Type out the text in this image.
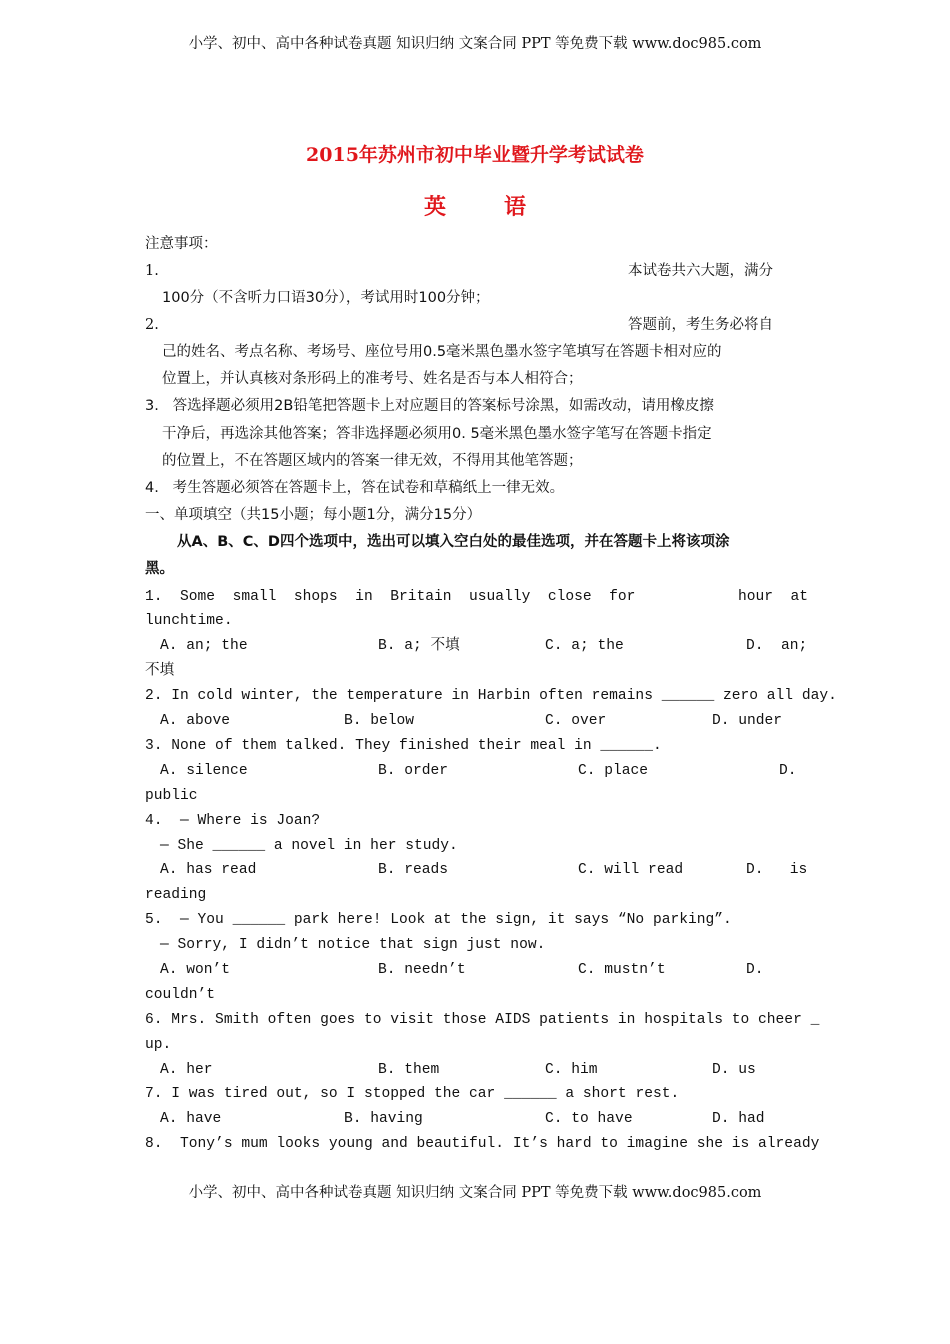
小学、初中、高中各种试卷真题 知识归纳 文案合同 PPT 等免费下载 www.doc985.com
2015年苏州市初中毕业暨升学考试试卷
英	语
注意事项：
1.	本试卷共六大题，满分
100分（不含听力口语30分），考试用时100分钟；
2.	答题前，考生务必将自
己的姓名、考点名称、考场号、座位号用0.5毫米黑色墨水签字笔填写在答题卡相对应的
位置上，并认真核对条形码上的准考号、姓名是否与本人相符合；
3.   答选择题必须用2B铅笔把答题卡上对应题目的答案标号涂黑，如需改动，请用橡皮擦
干净后，再选涂其他答案；答非选择题必须用0. 5毫米黑色墨水签字笔写在答题卡指定
的位置上，不在答题区域内的答案一律无效，不得用其他笔答题；
4.   考生答题必须答在答题卡上，答在试卷和草稿纸上一律无效。
一、单项填空（共15小题；每小题1分，满分15分）
从A、B、C、D四个选项中，选出可以填入空白处的最佳选项，并在答题卡上将该项涂
黑。
1.  Some  small  shops  in  Britain  usually  close  for	hour  at
lunchtime.
A. an; the	B. a; 不填	C. a; the	D.  an;
不填
2. In cold winter, the temperature in Harbin often remains ______ zero all day.
A. above	B. below	C. over	D. under
3. None of them talked. They finished their meal in ______.
A. silence	B. order	C. place	D.
public
4.  — Where is Joan?
— She ______ a novel in her study.
A. has read	B. reads	C. will read	D.   is
reading
5.  — You ______ park here! Look at the sign, it says “No parking”.
— Sorry, I didn’t notice that sign just now.
A. won’t	B. needn’t	C. mustn’t	D.
couldn’t
6. Mrs. Smith often goes to visit those AIDS patients in hospitals to cheer _
up.
A. her	B. them	C. him	D. us
7. I was tired out, so I stopped the car ______ a short rest.
A. have	B. having	C. to have	D. had
8.  Tony’s mum looks young and beautiful. It’s hard to imagine she is already
小学、初中、高中各种试卷真题 知识归纳 文案合同 PPT 等免费下载 www.doc985.com
